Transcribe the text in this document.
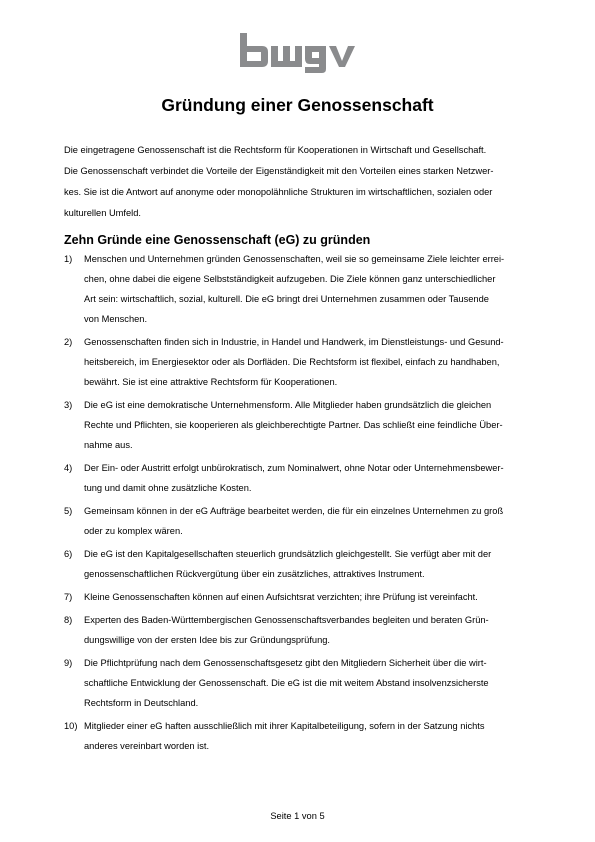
Gründung einer Genossenschaft
Die eingetragene Genossenschaft ist die Rechtsform für Kooperationen in Wirtschaft und Gesellschaft.
Die Genossenschaft verbindet die Vorteile der Eigenständigkeit mit den Vorteilen eines starken Netzwer-
kes. Sie ist die Antwort auf anonyme oder monopolähnliche Strukturen im wirtschaftlichen, sozialen oder
kulturellen Umfeld.
Zehn Gründe eine Genossenschaft (eG) zu gründen
1) Menschen und Unternehmen gründen Genossenschaften, weil sie so gemeinsame Ziele leichter errei-
chen, ohne dabei die eigene Selbstständigkeit aufzugeben. Die Ziele können ganz unterschiedlicher
Art sein: wirtschaftlich, sozial, kulturell. Die eG bringt drei Unternehmen zusammen oder Tausende
von Menschen.
2) Genossenschaften finden sich in Industrie, in Handel und Handwerk, im Dienstleistungs- und Gesund-
heitsbereich, im Energiesektor oder als Dorfläden. Die Rechtsform ist flexibel, einfach zu handhaben,
bewährt. Sie ist eine attraktive Rechtsform für Kooperationen.
3) Die eG ist eine demokratische Unternehmensform. Alle Mitglieder haben grundsätzlich die gleichen
Rechte und Pflichten, sie kooperieren als gleichberechtigte Partner. Das schließt eine feindliche Über-
nahme aus.
4) Der Ein- oder Austritt erfolgt unbürokratisch, zum Nominalwert, ohne Notar oder Unternehmensbewer-
tung und damit ohne zusätzliche Kosten.
5) Gemeinsam können in der eG Aufträge bearbeitet werden, die für ein einzelnes Unternehmen zu groß
oder zu komplex wären.
6) Die eG ist den Kapitalgesellschaften steuerlich grundsätzlich gleichgestellt. Sie verfügt aber mit der
genossenschaftlichen Rückvergütung über ein zusätzliches, attraktives Instrument.
7) Kleine Genossenschaften können auf einen Aufsichtsrat verzichten; ihre Prüfung ist vereinfacht.
8) Experten des Baden-Württembergischen Genossenschaftsverbandes begleiten und beraten Grün-
dungswillige von der ersten Idee bis zur Gründungsprüfung.
9) Die Pflichtprüfung nach dem Genossenschaftsgesetz gibt den Mitgliedern Sicherheit über die wirt-
schaftliche Entwicklung der Genossenschaft. Die eG ist die mit weitem Abstand insolvenzsicherste
Rechtsform in Deutschland.
10) Mitglieder einer eG haften ausschließlich mit ihrer Kapitalbeteiligung, sofern in der Satzung nichts
anderes vereinbart worden ist.
Seite 1 von 5
